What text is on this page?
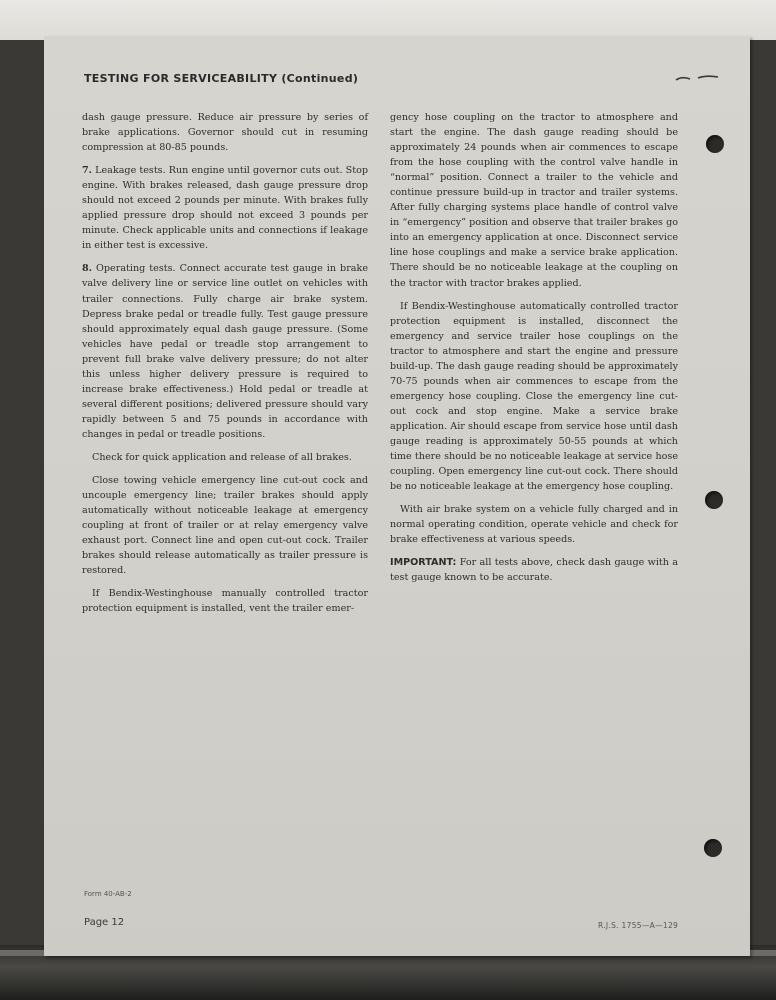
TESTING FOR SERVICEABILITY (Continued)

dash gauge pressure. Reduce air pressure by series of brake applications. Governor should cut in resuming compression at 80-85 pounds.

7. Leakage tests. Run engine until governor cuts out. Stop engine. With brakes released, dash gauge pressure drop should not exceed 2 pounds per minute. With brakes fully applied pressure drop should not exceed 3 pounds per minute. Check applicable units and connections if leakage in either test is excessive.

8. Operating tests. Connect accurate test gauge in brake valve delivery line or service line outlet on vehicles with trailer connections. Fully charge air brake system. Depress brake pedal or treadle fully. Test gauge pressure should approximately equal dash gauge pressure. (Some vehicles have pedal or treadle stop arrangement to prevent full brake valve delivery pressure; do not alter this unless higher delivery pressure is required to increase brake effectiveness.) Hold pedal or treadle at several different positions; delivered pressure should vary rapidly between 5 and 75 pounds in accordance with changes in pedal or treadle positions.

Check for quick application and release of all brakes.

Close towing vehicle emergency line cut-out cock and uncouple emergency line; trailer brakes should apply automatically without noticeable leakage at emergency coupling at front of trailer or at relay emergency valve exhaust port. Connect line and open cut-out cock. Trailer brakes should release automatically as trailer pressure is restored.

If Bendix-Westinghouse manually controlled tractor protection equipment is installed, vent the trailer emer-

gency hose coupling on the tractor to atmosphere and start the engine. The dash gauge reading should be approximately 24 pounds when air commences to escape from the hose coupling with the control valve handle in “normal” position. Connect a trailer to the vehicle and continue pressure build-up in tractor and trailer systems. After fully charging systems place handle of control valve in “emergency” position and observe that trailer brakes go into an emergency application at once. Disconnect service line hose couplings and make a service brake application. There should be no noticeable leakage at the coupling on the tractor with tractor brakes applied.

If Bendix-Westinghouse automatically controlled tractor protection equipment is installed, disconnect the emergency and service trailer hose couplings on the tractor to atmosphere and start the engine and pressure build-up. The dash gauge reading should be approximately 70-75 pounds when air commences to escape from the emergency hose coupling. Close the emergency line cut-out cock and stop engine. Make a service brake application. Air should escape from service hose until dash gauge reading is approximately 50-55 pounds at which time there should be no noticeable leakage at service hose coupling. Open emergency line cut-out cock. There should be no noticeable leakage at the emergency hose coupling.

With air brake system on a vehicle fully charged and in normal operating condition, operate vehicle and check for brake effectiveness at various speeds.

IMPORTANT: For all tests above, check dash gauge with a test gauge known to be accurate.

Form 40-AB-2
Page 12	R.J.S. 1755—A—129
